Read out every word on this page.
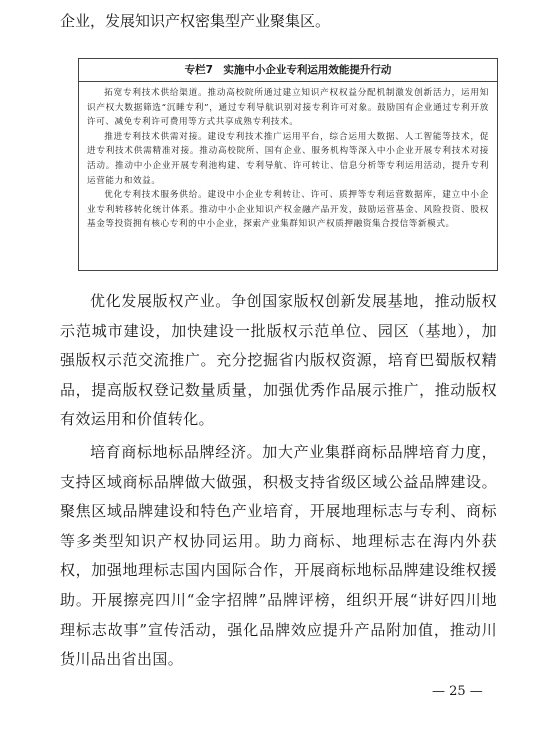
企业，发展知识产权密集型产业聚集区。
专栏7　实施中小企业专利运用效能提升行动

拓宽专利技术供给渠道。推动高校院所通过建立知识产权权益分配机制激发创新活力，运用知识产权大数据筛选“沉睡专利”，通过专利导航识别对接专利许可对象。鼓励国有企业通过专利开放许可、减免专利许可费用等方式共享成熟专利技术。

推进专利技术供需对接。建设专利技术推广运用平台，综合运用大数据、人工智能等技术，促进专利技术供需精准对接。推动高校院所、国有企业、服务机构等深入中小企业开展专利技术对接活动。推动中小企业开展专利池构建、专利导航、许可转让、信息分析等专利运用活动，提升专利运营能力和效益。

优化专利技术服务供给。建设中小企业专利转让、许可、质押等专利运营数据库，建立中小企业专利转移转化统计体系。推动中小企业知识产权金融产品开发，鼓励运营基金、风险投资、股权基金等投资拥有核心专利的中小企业，探索产业集群知识产权质押融资集合授信等新模式。

优化发展版权产业。争创国家版权创新发展基地，推动版权示范城市建设，加快建设一批版权示范单位、园区（基地），加强版权示范交流推广。充分挖掘省内版权资源，培育巴蜀版权精品，提高版权登记数量质量，加强优秀作品展示推广，推动版权有效运用和价值转化。

培育商标地标品牌经济。加大产业集群商标品牌培育力度，支持区域商标品牌做大做强，积极支持省级区域公益品牌建设。聚焦区域品牌建设和特色产业培育，开展地理标志与专利、商标等多类型知识产权协同运用。助力商标、地理标志在海内外获权，加强地理标志国内国际合作，开展商标地标品牌建设维权援助。开展擦亮四川“金字招牌”品牌评榜，组织开展“讲好四川地理标志故事”宣传活动，强化品牌效应提升产品附加值，推动川货川品出省出国。

— 25 —
